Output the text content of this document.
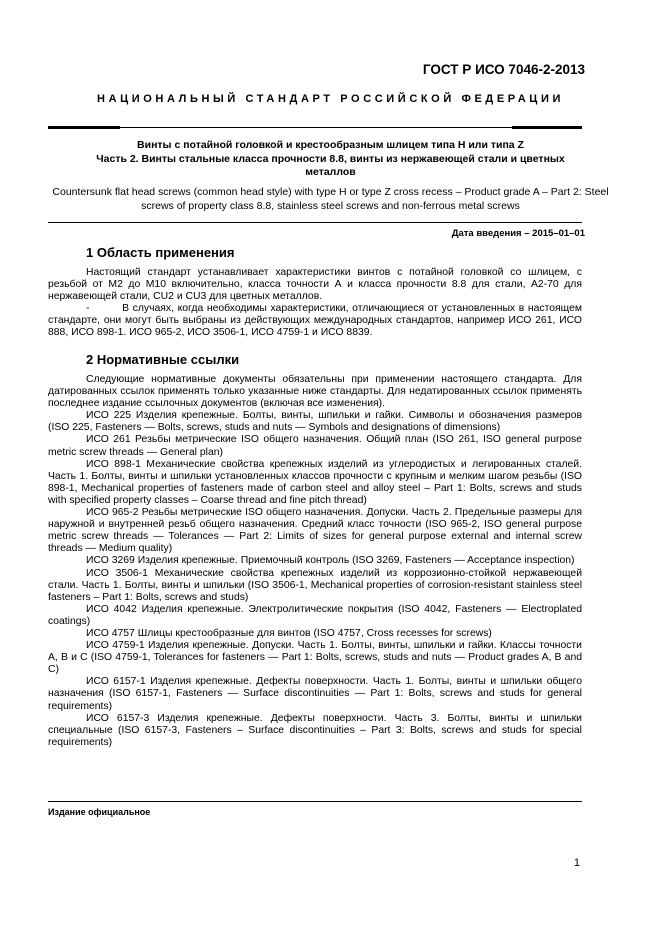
ГОСТ Р ИСО 7046-2-2013
НАЦИОНАЛЬНЫЙ СТАНДАРТ РОССИЙСКОЙ ФЕДЕРАЦИИ
Винты с потайной головкой и крестообразным шлицем типа H или типа Z
Часть 2. Винты стальные класса прочности 8.8, винты из нержавеющей стали и цветных металлов
Countersunk flat head screws (common head style) with type H or type Z cross recess – Product grade A – Part 2: Steel screws of property class 8.8, stainless steel screws and non-ferrous metal screws
Дата введения – 2015–01–01
1 Область применения

Настоящий стандарт устанавливает характеристики винтов с потайной головкой со шлицем, с резьбой от M2 до M10 включительно, класса точности А и класса прочности 8.8 для стали, A2-70 для нержавеющей стали, CU2 и CU3 для цветных металлов.

-         В случаях, когда необходимы характеристики, отличающиеся от установленных в настоящем стандарте, они могут быть выбраны из действующих международных стандартов, например ИСО 261, ИСО 888, ИСО 898-1. ИСО 965-2, ИСО 3506-1, ИСО 4759-1 и ИСО 8839.

2 Нормативные ссылки

Следующие нормативные документы обязательны при применении настоящего стандарта. Для датированных ссылок применять только указанные ниже стандарты. Для недатированных ссылок применять последнее издание ссылочных документов (включая все изменения).

ИСО 225 Изделия крепежные. Болты, винты, шпильки и гайки. Символы и обозначения размеров (ISO 225, Fasteners — Bolts, screws, studs and nuts — Symbols and designations of dimensions)

ИСО 261 Резьбы метрические ISO общего назначения. Общий план (ISO 261, ISO general purpose metric screw threads — General plan)

ИСО 898-1 Механические свойства крепежных изделий из углеродистых и легированных сталей. Часть 1. Болты, винты и шпильки установленных классов прочности с крупным и мелким шагом резьбы (ISO 898-1, Mechanical properties of fasteners made of carbon steel and alloy steel – Part 1: Bolts, screws and studs with specified property classes – Coarse thread and fine pitch thread)

ИСО 965-2 Резьбы метрические ISO общего назначения. Допуски. Часть 2. Предельные размеры для наружной и внутренней резьб общего назначения. Средний класс точности (ISO 965-2, ISO general purpose metric screw threads — Tolerances — Part 2: Limits of sizes for general purpose external and internal screw threads — Medium quality)

ИСО 3269 Изделия крепежные. Приемочный контроль (ISO 3269, Fasteners — Acceptance inspection)

ИСО 3506-1 Механические свойства крепежных изделий из коррозионно-стойкой нержавеющей стали. Часть 1. Болты, винты и шпильки (ISO 3506-1, Mechanical properties of corrosion-resistant stainless steel fasteners – Part 1: Bolts, screws and studs)

ИСО 4042 Изделия крепежные. Электролитические покрытия (ISO 4042, Fasteners — Electroplated coatings)

ИСО 4757 Шлицы крестообразные для винтов (ISO 4757, Cross recesses for screws)

ИСО 4759-1 Изделия крепежные. Допуски. Часть 1. Болты, винты, шпильки и гайки. Классы точности А, В и С (ISO 4759-1, Tolerances for fasteners — Part 1: Bolts, screws, studs and nuts — Product grades A, B and C)

ИСО 6157-1 Изделия крепежные. Дефекты поверхности. Часть 1. Болты, винты и шпильки общего назначения (ISO 6157-1, Fasteners — Surface discontinuities — Part 1: Bolts, screws and studs for general requirements)

ИСО 6157-3 Изделия крепежные. Дефекты поверхности. Часть 3. Болты, винты и шпильки специальные (ISO 6157-3, Fasteners – Surface discontinuities – Part 3: Bolts, screws and studs for special requirements)

Издание официальное
1
